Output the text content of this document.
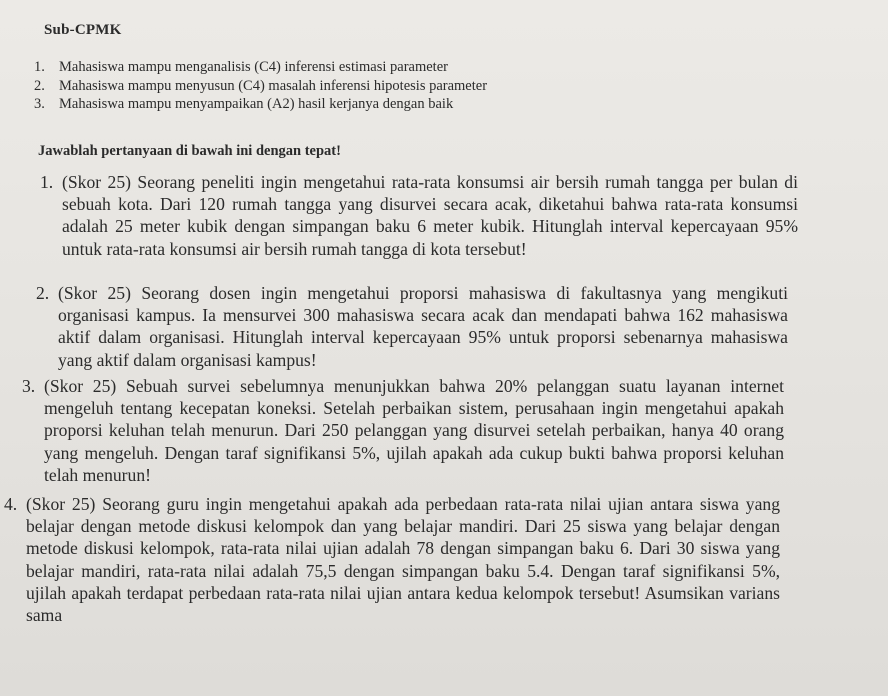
Sub-CPMK
1. Mahasiswa mampu menganalisis (C4) inferensi estimasi parameter
2. Mahasiswa mampu menyusun (C4) masalah inferensi hipotesis parameter
3. Mahasiswa mampu menyampaikan (A2) hasil kerjanya dengan baik
Jawablah pertanyaan di bawah ini dengan tepat!
1. (Skor 25) Seorang peneliti ingin mengetahui rata-rata konsumsi air bersih rumah tangga per bulan di sebuah kota. Dari 120 rumah tangga yang disurvei secara acak, diketahui bahwa rata-rata konsumsi adalah 25 meter kubik dengan simpangan baku 6 meter kubik. Hitunglah interval kepercayaan 95% untuk rata-rata konsumsi air bersih rumah tangga di kota tersebut!
2. (Skor 25) Seorang dosen ingin mengetahui proporsi mahasiswa di fakultasnya yang mengikuti organisasi kampus. Ia mensurvei 300 mahasiswa secara acak dan mendapati bahwa 162 mahasiswa aktif dalam organisasi. Hitunglah interval kepercayaan 95% untuk proporsi sebenarnya mahasiswa yang aktif dalam organisasi kampus!
3. (Skor 25) Sebuah survei sebelumnya menunjukkan bahwa 20% pelanggan suatu layanan internet mengeluh tentang kecepatan koneksi. Setelah perbaikan sistem, perusahaan ingin mengetahui apakah proporsi keluhan telah menurun. Dari 250 pelanggan yang disurvei setelah perbaikan, hanya 40 orang yang mengeluh. Dengan taraf signifikansi 5%, ujilah apakah ada cukup bukti bahwa proporsi keluhan telah menurun!
4. (Skor 25) Seorang guru ingin mengetahui apakah ada perbedaan rata-rata nilai ujian antara siswa yang belajar dengan metode diskusi kelompok dan yang belajar mandiri. Dari 25 siswa yang belajar dengan metode diskusi kelompok, rata-rata nilai ujian adalah 78 dengan simpangan baku 6. Dari 30 siswa yang belajar mandiri, rata-rata nilai adalah 75,5 dengan simpangan baku 5.4. Dengan taraf signifikansi 5%, ujilah apakah terdapat perbedaan rata-rata nilai ujian antara kedua kelompok tersebut! Asumsikan varians sama
